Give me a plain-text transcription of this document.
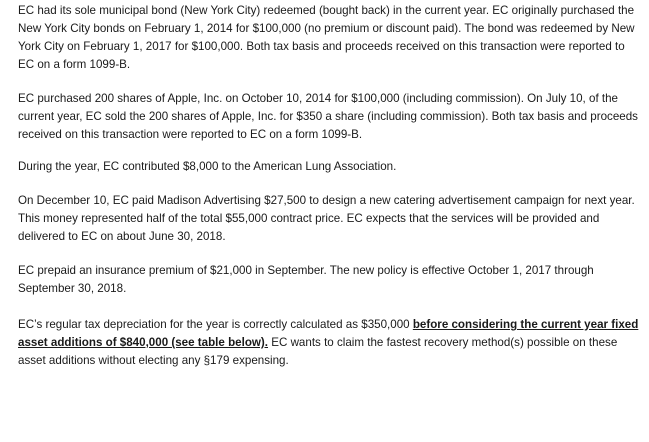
EC had its sole municipal bond (New York City) redeemed (bought back) in the current year. EC originally purchased the New York City bonds on February 1, 2014 for $100,000 (no premium or discount paid). The bond was redeemed by New York City on February 1, 2017 for $100,000. Both tax basis and proceeds received on this transaction were reported to EC on a form 1099-B.

EC purchased 200 shares of Apple, Inc. on October 10, 2014 for $100,000 (including commission). On July 10, of the current year, EC sold the 200 shares of Apple, Inc. for $350 a share (including commission). Both tax basis and proceeds received on this transaction were reported to EC on a form 1099-B.

During the year, EC contributed $8,000 to the American Lung Association.

On December 10, EC paid Madison Advertising $27,500 to design a new catering advertisement campaign for next year. This money represented half of the total $55,000 contract price. EC expects that the services will be provided and delivered to EC on about June 30, 2018.

EC prepaid an insurance premium of $21,000 in September. The new policy is effective October 1, 2017 through September 30, 2018.

EC’s regular tax depreciation for the year is correctly calculated as $350,000 before considering the current year fixed asset additions of $840,000 (see table below). EC wants to claim the fastest recovery method(s) possible on these asset additions without electing any §179 expensing.
